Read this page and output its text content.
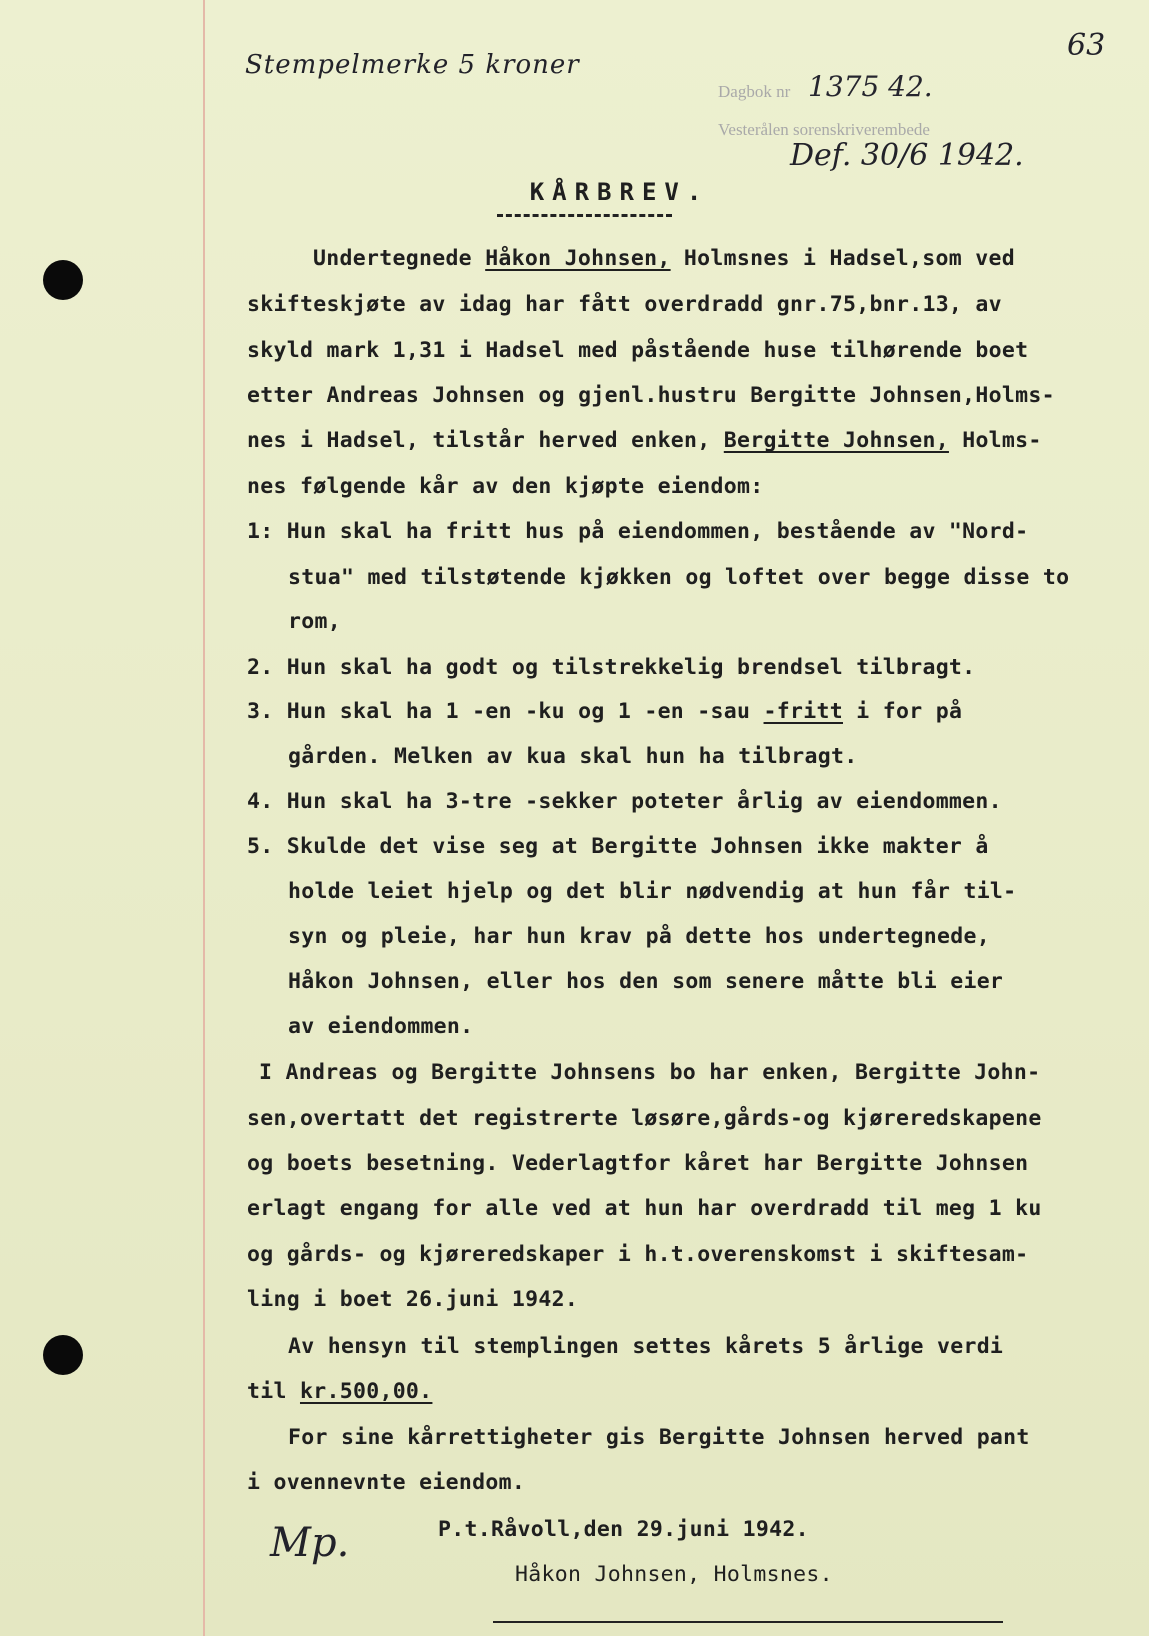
Stempelmerke 5 kroner
63
Dagbok nr 1375 42.
Vesterålen sorenskriverembede
Def. 30/6 1942.
KÅRBREV.
Undertegnede Håkon Johnsen, Holmsnes i Hadsel,som ved
skifteskjøte av idag har fått overdradd gnr.75,bnr.13, av
skyld mark 1,31 i Hadsel med påstående huse tilhørende boet
etter Andreas Johnsen og gjenl.hustru Bergitte Johnsen,Holms-
nes i Hadsel, tilstår herved enken, Bergitte Johnsen, Holms-
nes følgende kår av den kjøpte eiendom:
1: Hun skal ha fritt hus på eiendommen, bestående av "Nord-
stua" med tilstøtende kjøkken og loftet over begge disse to
rom,
2. Hun skal ha godt og tilstrekkelig brendsel tilbragt.
3. Hun skal ha 1 -en -ku og 1 -en -sau -fritt i for på
gården. Melken av kua skal hun ha tilbragt.
4. Hun skal ha 3-tre -sekker poteter årlig av eiendommen.
5. Skulde det vise seg at Bergitte Johnsen ikke makter å
holde leiet hjelp og det blir nødvendig at hun får til-
syn og pleie, har hun krav på dette hos undertegnede,
Håkon Johnsen, eller hos den som senere måtte bli eier
av eiendommen.
I Andreas og Bergitte Johnsens bo har enken, Bergitte John-
sen,overtatt det registrerte løsøre,gårds-og kjøreredskapene
og boets besetning. Vederlagtfor kåret har Bergitte Johnsen
erlagt engang for alle ved at hun har overdradd til meg 1 ku
og gårds- og kjøreredskaper i h.t.overenskomst i skiftesam-
ling i boet 26.juni 1942.
Av hensyn til stemplingen settes kårets 5 årlige verdi
til kr.500,00.
For sine kårrettigheter gis Bergitte Johnsen herved pant
i ovennevnte eiendom.
Mp.	P.t.Råvoll,den 29.juni 1942.
Håkon Johnsen, Holmsnes.
